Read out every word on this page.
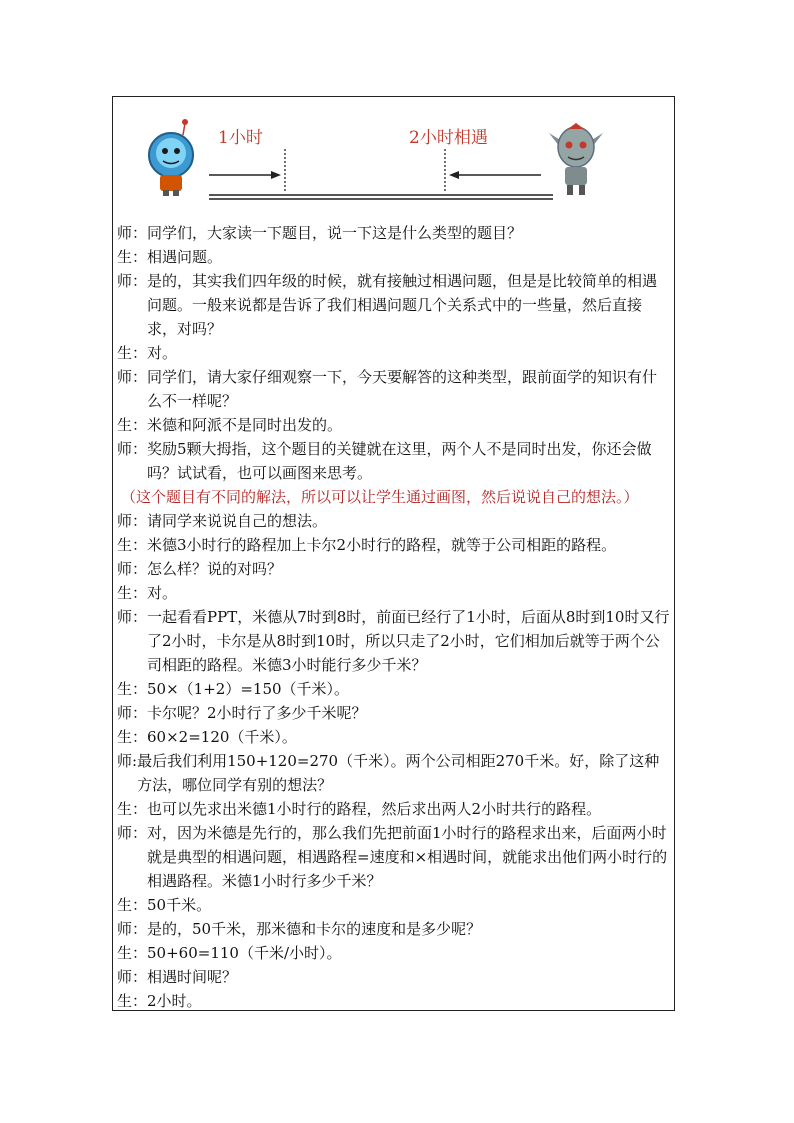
1小时	2小时相遇
师： 同学们，大家读一下题目，说一下这是什么类型的题目？
生： 相遇问题。
师： 是的，其实我们四年级的时候，就有接触过相遇问题，但是是比较简单的相遇问题。一般来说都是告诉了我们相遇问题几个关系式中的一些量，然后直接求，对吗？
生： 对。
师： 同学们，请大家仔细观察一下，今天要解答的这种类型，跟前面学的知识有什么不一样呢？
生： 米德和阿派不是同时出发的。
师： 奖励5颗大拇指，这个题目的关键就在这里，两个人不是同时出发，你还会做吗？试试看，也可以画图来思考。
（这个题目有不同的解法，所以可以让学生通过画图，然后说说自己的想法。）
师： 请同学来说说自己的想法。
生： 米德3小时行的路程加上卡尔2小时行的路程，就等于公司相距的路程。
师： 怎么样？说的对吗？
生： 对。
师： 一起看看PPT，米德从7时到8时，前面已经行了1小时，后面从8时到10时又行了2小时，卡尔是从8时到10时，所以只走了2小时，它们相加后就等于两个公司相距的路程。米德3小时能行多少千米？
生： 50×（1+2）=150（千米）。
师： 卡尔呢？2小时行了多少千米呢？
生： 60×2=120（千米）。
师: 最后我们利用150+120=270（千米）。两个公司相距270千米。好，除了这种方法，哪位同学有别的想法？
生： 也可以先求出米德1小时行的路程，然后求出两人2小时共行的路程。
师： 对，因为米德是先行的，那么我们先把前面1小时行的路程求出来，后面两小时就是典型的相遇问题，相遇路程=速度和×相遇时间，就能求出他们两小时行的相遇路程。米德1小时行多少千米？
生： 50千米。
师： 是的，50千米，那米德和卡尔的速度和是多少呢？
生： 50+60=110（千米/小时）。
师： 相遇时间呢？
生： 2小时。
